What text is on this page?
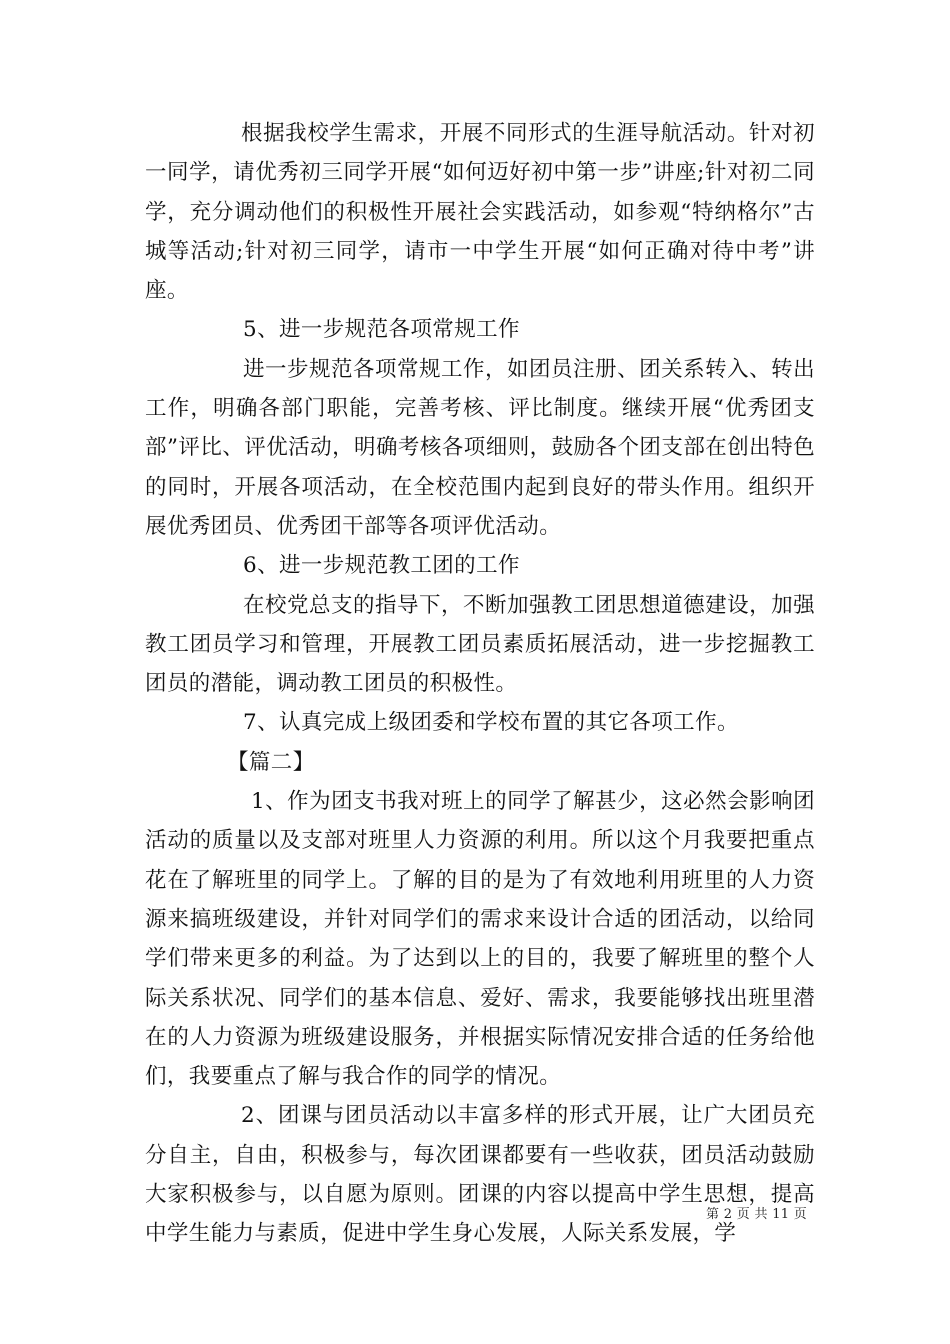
根据我校学生需求，开展不同形式的生涯导航活动。针对初一同学，请优秀初三同学开展“如何迈好初中第一步”讲座;针对初二同学，充分调动他们的积极性开展社会实践活动，如参观“特纳格尔”古城等活动;针对初三同学，请市一中学生开展“如何正确对待中考”讲座。

5、进一步规范各项常规工作

进一步规范各项常规工作，如团员注册、团关系转入、转出工作，明确各部门职能，完善考核、评比制度。继续开展“优秀团支部”评比、评优活动，明确考核各项细则，鼓励各个团支部在创出特色的同时，开展各项活动，在全校范围内起到良好的带头作用。组织开展优秀团员、优秀团干部等各项评优活动。

6、进一步规范教工团的工作

在校党总支的指导下，不断加强教工团思想道德建设，加强教工团员学习和管理，开展教工团员素质拓展活动，进一步挖掘教工团员的潜能，调动教工团员的积极性。

7、认真完成上级团委和学校布置的其它各项工作。

【篇二】

1、作为团支书我对班上的同学了解甚少，这必然会影响团活动的质量以及支部对班里人力资源的利用。所以这个月我要把重点花在了解班里的同学上。了解的目的是为了有效地利用班里的人力资源来搞班级建设，并针对同学们的需求来设计合适的团活动，以给同学们带来更多的利益。为了达到以上的目的，我要了解班里的整个人际关系状况、同学们的基本信息、爱好、需求，我要能够找出班里潜在的人力资源为班级建设服务，并根据实际情况安排合适的任务给他们，我要重点了解与我合作的同学的情况。

2、团课与团员活动以丰富多样的形式开展，让广大团员充分自主，自由，积极参与，每次团课都要有一些收获，团员活动鼓励大家积极参与，以自愿为原则。团课的内容以提高中学生思想，提高中学生能力与素质，促进中学生身心发展，人际关系发展，学

第 2 页 共 11 页
